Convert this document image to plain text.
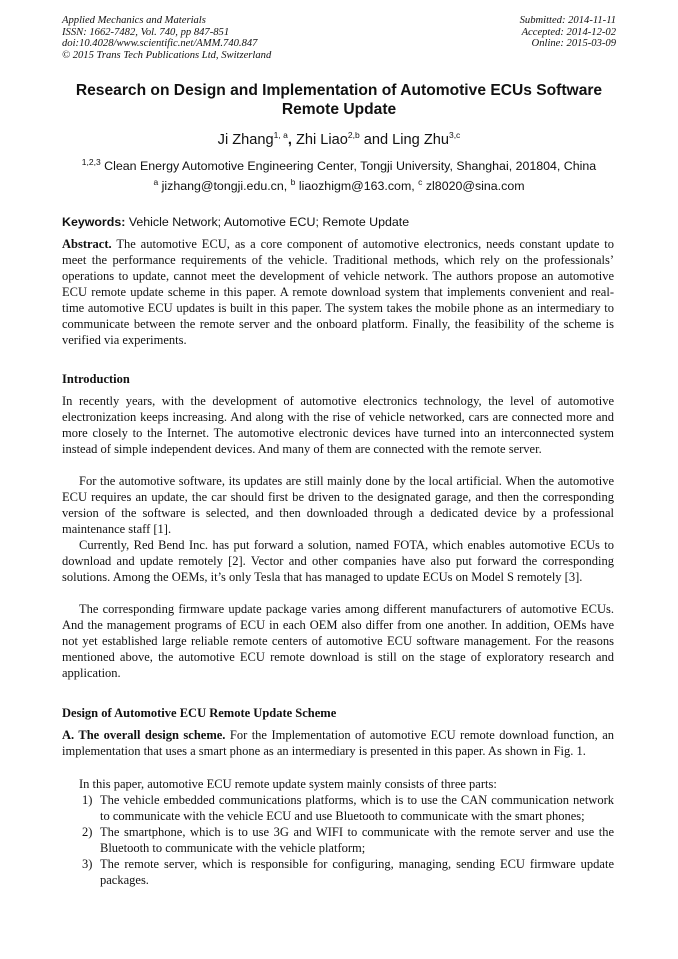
Applied Mechanics and Materials
ISSN: 1662-7482, Vol. 740, pp 847-851
doi:10.4028/www.scientific.net/AMM.740.847
© 2015 Trans Tech Publications Ltd, Switzerland
Submitted: 2014-11-11
Accepted: 2014-12-02
Online: 2015-03-09
Research on Design and Implementation of Automotive ECUs Software Remote Update
Ji Zhang$^{1, a}$, Zhi Liao$^{2,b}$ and Ling Zhu$^{3,c}$
$^{1,2,3}$ Clean Energy Automotive Engineering Center, Tongji University, Shanghai, 201804, China
$^a$ jizhang@tongji.edu.cn, $^b$ liaozhigm@163.com, $^c$ zl8020@sina.com
Keywords: Vehicle Network; Automotive ECU; Remote Update

Abstract. The automotive ECU, as a core component of automotive electronics, needs constant update to meet the performance requirements of the vehicle. Traditional methods, which rely on the professionals’ operations to update, cannot meet the development of vehicle network. The authors propose an automotive ECU remote update scheme in this paper. A remote download system that implements convenient and real-time automotive ECU updates is built in this paper. The system takes the mobile phone as an intermediary to communicate between the remote server and the onboard platform. Finally, the feasibility of the scheme is verified via experiments.

Introduction

In recently years, with the development of automotive electronics technology, the level of automotive electronization keeps increasing. And along with the rise of vehicle networked, cars are connected more and more closely to the Internet. The automotive electronic devices have turned into an interconnected system instead of simple independent devices. And many of them are connected with the remote server.

For the automotive software, its updates are still mainly done by the local artificial. When the automotive ECU requires an update, the car should first be driven to the designated garage, and then the corresponding version of the software is selected, and then downloaded through a dedicated device by a professional maintenance staff [1].

Currently, Red Bend Inc. has put forward a solution, named FOTA, which enables automotive ECUs to download and update remotely [2]. Vector and other companies have also put forward the corresponding solutions. Among the OEMs, it’s only Tesla that has managed to update ECUs on Model S remotely [3].

The corresponding firmware update package varies among different manufacturers of automotive ECUs. And the management programs of ECU in each OEM also differ from one another. In addition, OEMs have not yet established large reliable remote centers of automotive ECU software management. For the reasons mentioned above, the automotive ECU remote download is still on the stage of exploratory research and application.

Design of Automotive ECU Remote Update Scheme

A. The overall design scheme. For the Implementation of automotive ECU remote download function, an implementation that uses a smart phone as an intermediary is presented in this paper. As shown in Fig. 1.

In this paper, automotive ECU remote update system mainly consists of three parts:

1) The vehicle embedded communications platforms, which is to use the CAN communication network to communicate with the vehicle ECU and use Bluetooth to communicate with the smart phones;
2) The smartphone, which is to use 3G and WIFI to communicate with the remote server and use the Bluetooth to communicate with the vehicle platform;
3) The remote server, which is responsible for configuring, managing, sending ECU firmware update packages.
